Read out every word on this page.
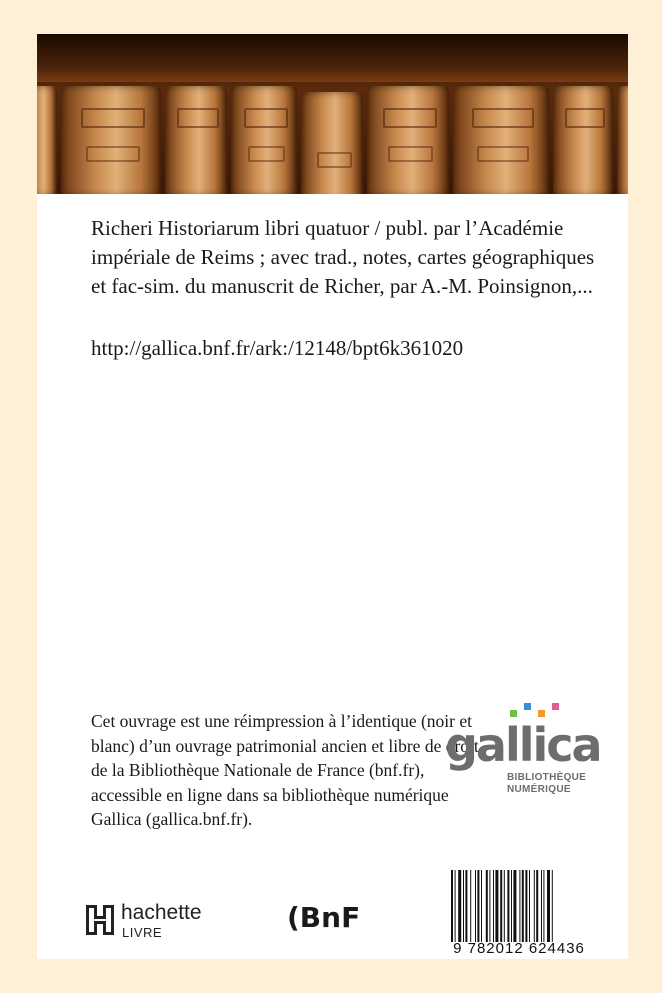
Richeri Historiarum libri quatuor / publ. par l’Académie impériale de Reims ; avec trad., notes, cartes géographiques et fac-sim. du manuscrit de Richer, par A.-M. Poinsignon,...

http://gallica.bnf.fr/ark:/12148/bpt6k361020
Cet ouvrage est une réimpression à l’identique (noir et blanc) d’un ouvrage patrimonial ancien et libre de droit de la Bibliothèque Nationale de France (bnf.fr), accessible en ligne dans sa bibliothèque numérique Gallica (gallica.bnf.fr).
gallica
BIBLIOTHÈQUE
NUMÉRIQUE
hachette
LIVRE	(BnF
9 782012 624436
